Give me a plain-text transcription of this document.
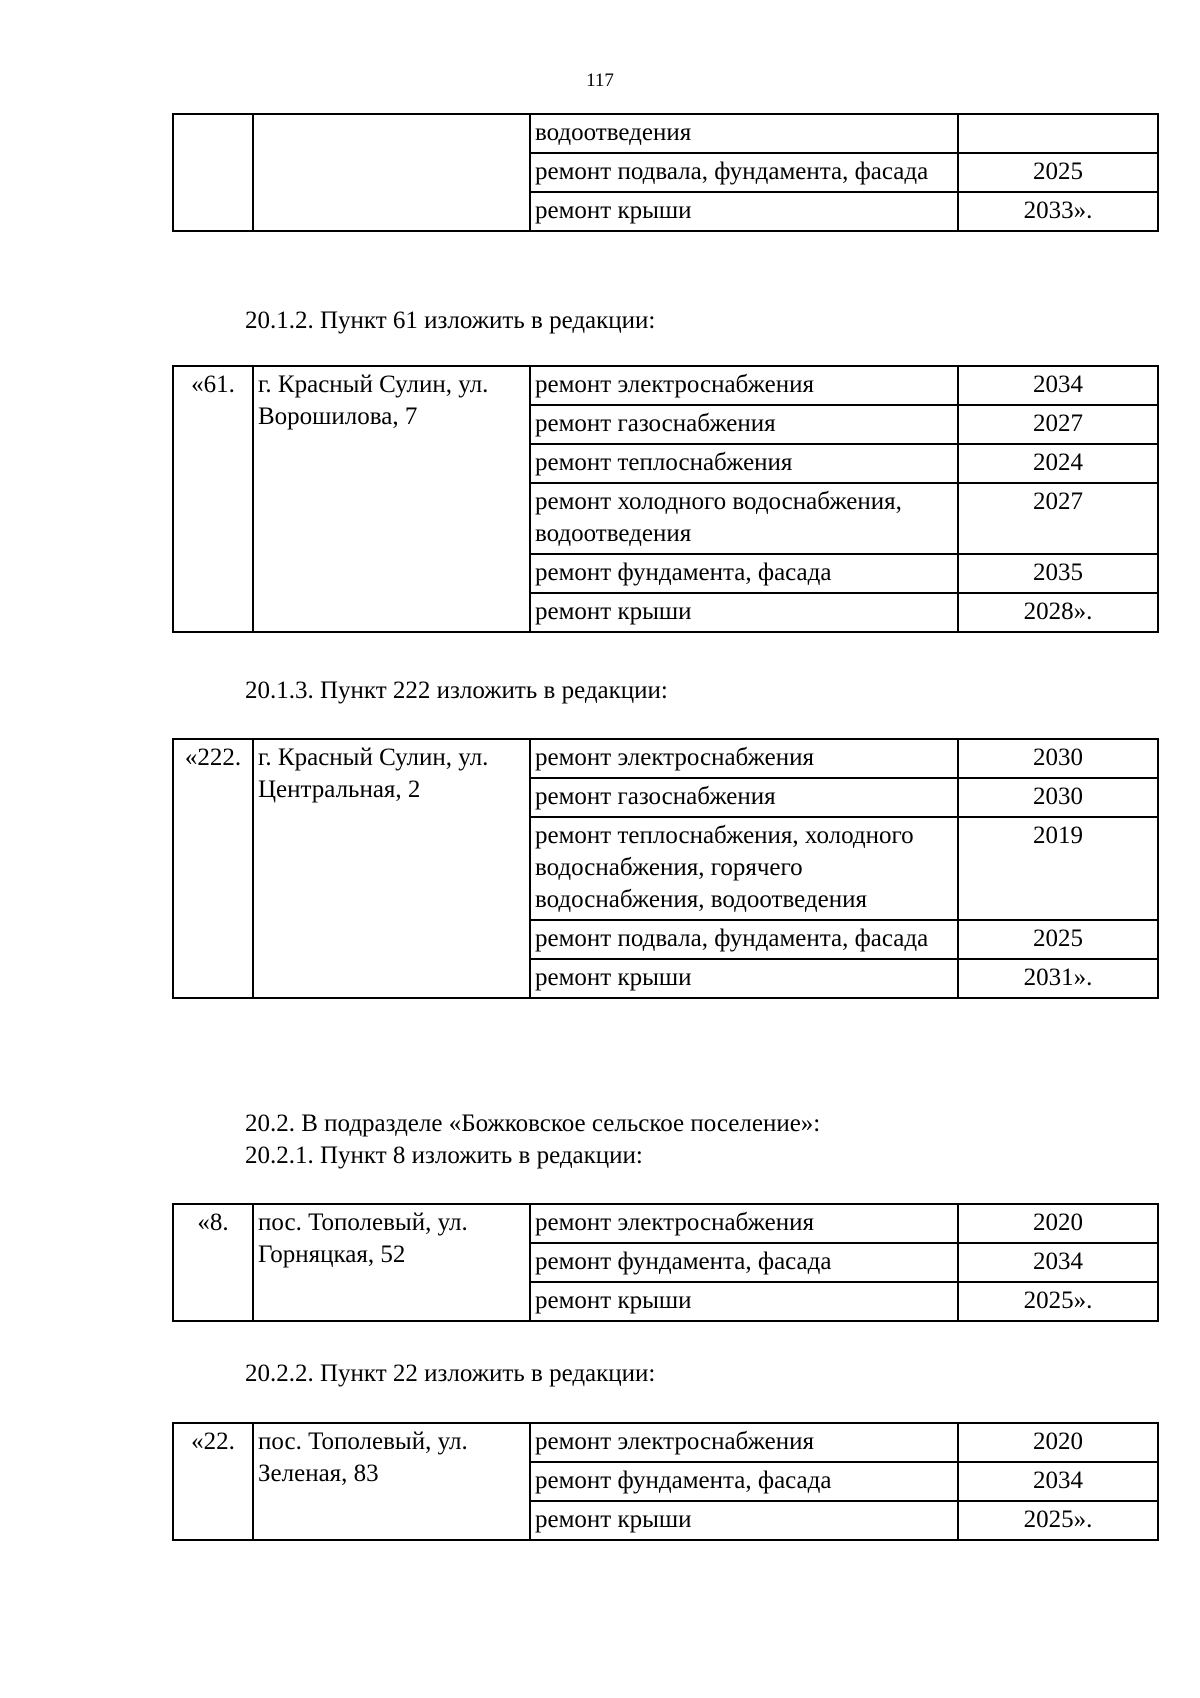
117
		водоотведения	
		ремонт подвала, фундамента, фасада	2025
		ремонт крыши	2033».
20.1.2. Пункт 61 изложить в редакции:
«61.	г. Красный Сулин, ул. Ворошилова, 7	ремонт электроснабжения	2034
		ремонт газоснабжения	2027
		ремонт теплоснабжения	2024
		ремонт холодного водоснабжения, водоотведения	2027
		ремонт фундамента, фасада	2035
		ремонт крыши	2028».
20.1.3. Пункт 222 изложить в редакции:
«222.	г. Красный Сулин, ул. Центральная, 2	ремонт электроснабжения	2030
		ремонт газоснабжения	2030
		ремонт теплоснабжения, холодного водоснабжения, горячего водоснабжения, водоотведения	2019
		ремонт подвала, фундамента, фасада	2025
		ремонт крыши	2031».
20.2. В подразделе «Божковское сельское поселение»:
20.2.1. Пункт 8 изложить в редакции:
«8.	пос. Тополевый, ул. Горняцкая, 52	ремонт электроснабжения	2020
		ремонт фундамента, фасада	2034
		ремонт крыши	2025».
20.2.2. Пункт 22 изложить в редакции:
«22.	пос. Тополевый, ул. Зеленая, 83	ремонт электроснабжения	2020
		ремонт фундамента, фасада	2034
		ремонт крыши	2025».
